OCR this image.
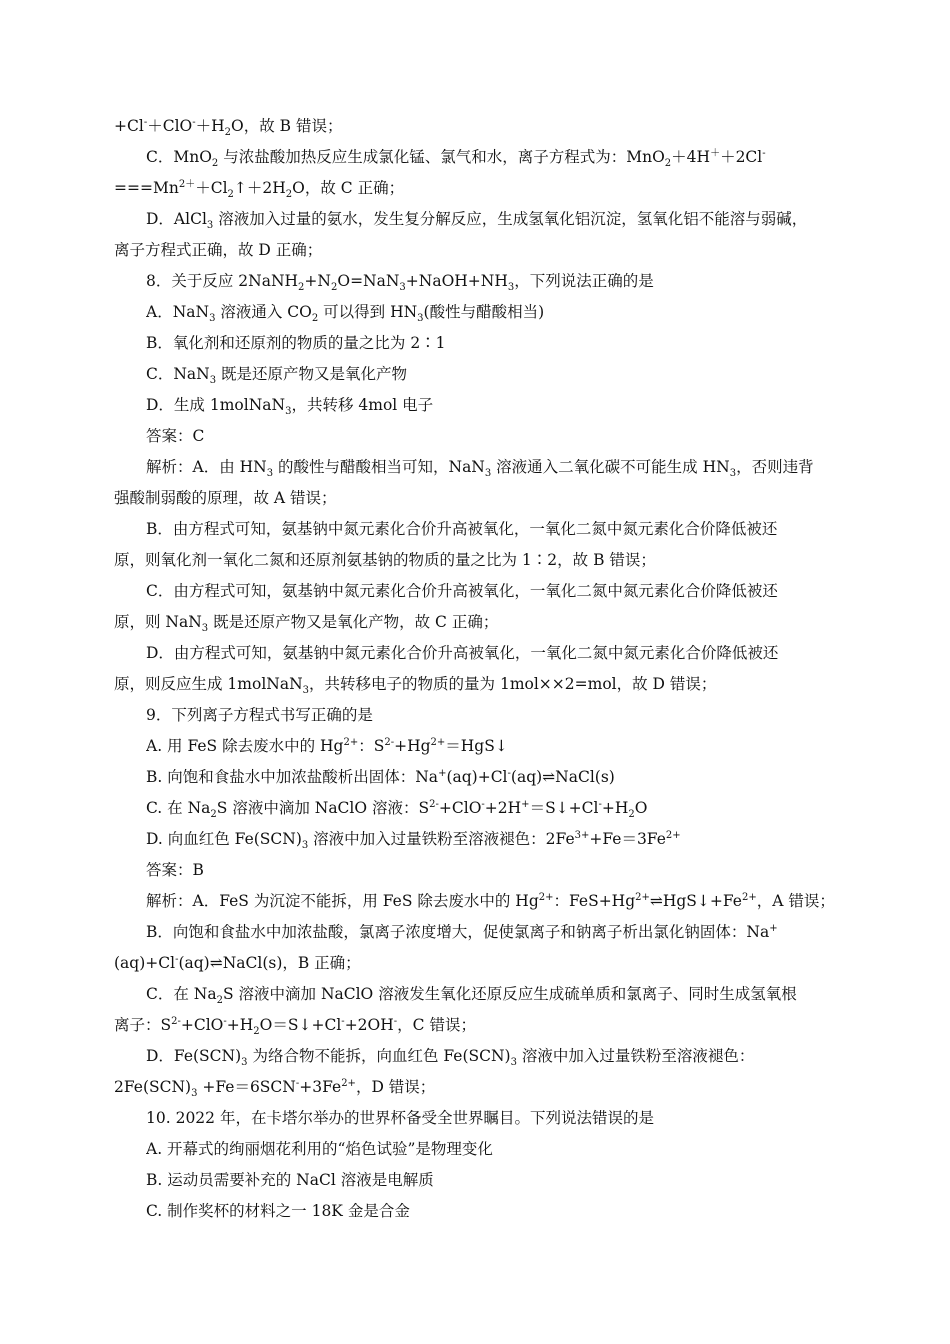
$+Cl^-+ClO^-+H_2O$，故 B 错误；
C．MnO$_2$ 与浓盐酸加热反应生成氯化锰、氯气和水，离子方程式为：MnO$_2$＋4H＋＋2Cl-
$===Mn^{2+}+Cl_2↑+2H_2O$，故 C 正确；
D．AlCl$_3$ 溶液加入过量的氨水，发生复分解反应，生成氢氧化铝沉淀，氢氧化铝不能溶与弱碱，
离子方程式正确，故 D 正确；
8．关于反应 $2NaNH_2+N_2O=NaN_3+NaOH+NH_3$，下列说法正确的是
A．NaN$_3$ 溶液通入 $CO_2$ 可以得到 $HN_3$(酸性与醋酸相当)
B．氧化剂和还原剂的物质的量之比为 2∶1
C．NaN$_3$ 既是还原产物又是氧化产物
D．生成 1molNaN$_3$，共转移 4mol 电子
答案：C
解析：A．由 $HN_3$ 的酸性与醋酸相当可知，NaN$_3$ 溶液通入二氧化碳不可能生成 $HN_3$，否则违背
强酸制弱酸的原理，故 A 错误；
B．由方程式可知，氨基钠中氮元素化合价升高被氧化，一氧化二氮中氮元素化合价降低被还
原，则氧化剂一氧化二氮和还原剂氨基钠的物质的量之比为 1∶2，故 B 错误；
C．由方程式可知，氨基钠中氮元素化合价升高被氧化，一氧化二氮中氮元素化合价降低被还
原，则 NaN$_3$ 既是还原产物又是氧化产物，故 C 正确；
D．由方程式可知，氨基钠中氮元素化合价升高被氧化，一氧化二氮中氮元素化合价降低被还
原，则反应生成 1molNaN$_3$，共转移电子的物质的量为 1mol××2=mol，故 D 错误；
9．下列离子方程式书写正确的是
A. 用 FeS 除去废水中的 $Hg^{2+}$：$S^{2-}+Hg^{2+}=HgS↓$
B. 向饱和食盐水中加浓盐酸析出固体：Na+(aq)+Cl-(aq)⇌NaCl(s)
C. 在 $Na_2S$ 溶液中滴加 NaClO 溶液：$S^{2-}+ClO^-+2H^+=S↓+Cl^-+H_2O$
D. 向血红色 $Fe(SCN)_3$ 溶液中加入过量铁粉至溶液褪色：$2Fe^{3+}+Fe=3Fe^{2+}$
答案：B
解析：A．FeS 为沉淀不能拆，用 FeS 除去废水中的 $Hg^{2+}$：$FeS+Hg^{2+}\rightleftharpoons HgS↓+Fe^{2+}$，A 错误；
B．向饱和食盐水中加浓盐酸，氯离子浓度增大，促使氯离子和钠离子析出氯化钠固体：Na+
(aq)+Cl-(aq)⇌NaCl(s)，B 正确；
C．在 $Na_2S$ 溶液中滴加 NaClO 溶液发生氧化还原反应生成硫单质和氯离子、同时生成氢氧根
离子：$S^{2-}+ClO^-+H_2O=S↓+Cl^-+2OH^-$，C 错误；
D．$Fe(SCN)_3$ 为络合物不能拆，向血红色 $Fe(SCN)_3$ 溶液中加入过量铁粉至溶液褪色：
$2Fe(SCN)_3 +Fe=6SCN^-+3Fe^{2+}$，D 错误；
10. 2022 年，在卡塔尔举办的世界杯备受全世界瞩目。下列说法错误的是
A. 开幕式的绚丽烟花利用的“焰色试验”是物理变化
B. 运动员需要补充的 NaCl 溶液是电解质
C. 制作奖杯的材料之一 18K 金是合金
